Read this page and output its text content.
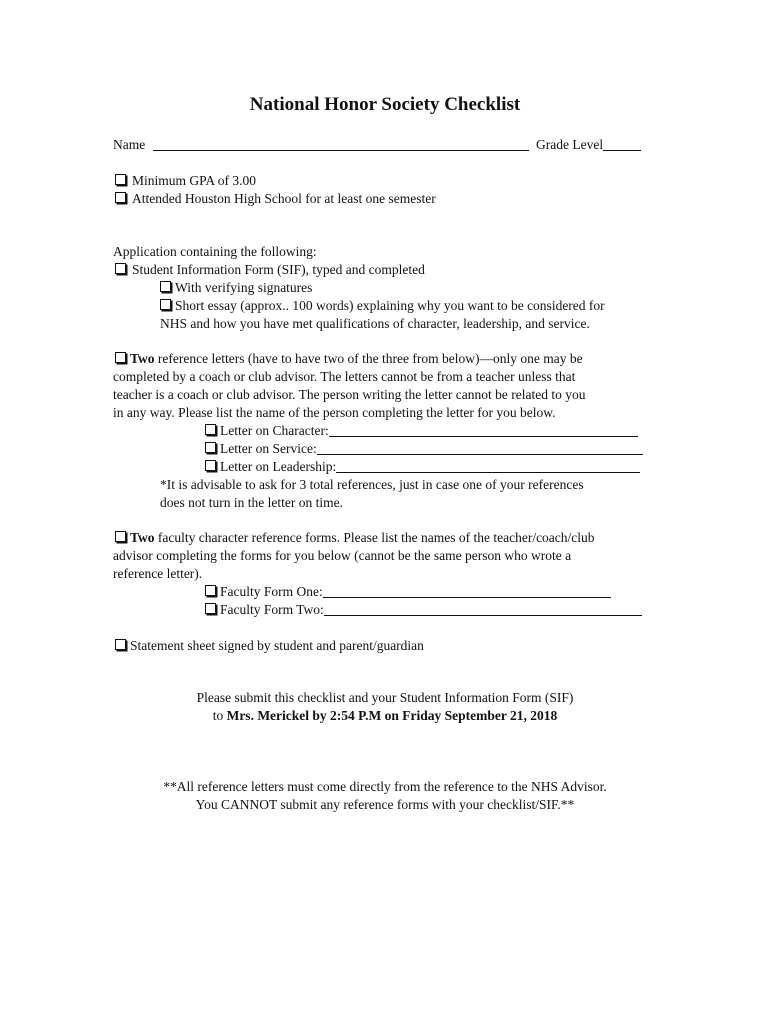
National Honor Society Checklist
Name	Grade Level
Minimum GPA of 3.00
Attended Houston High School for at least one semester
Application containing the following:
Student Information Form (SIF), typed and completed
With verifying signatures
Short essay (approx.. 100 words) explaining why you want to be considered for
NHS and how you have met qualifications of character, leadership, and service.
Two reference letters (have to have two of the three from below)—only one may be
completed by a coach or club advisor. The letters cannot be from a teacher unless that
teacher is a coach or club advisor. The person writing the letter cannot be related to you
in any way. Please list the name of the person completing the letter for you below.
Letter on Character:
Letter on Service:
Letter on Leadership:
*It is advisable to ask for 3 total references, just in case one of your references
does not turn in the letter on time.
Two faculty character reference forms. Please list the names of the teacher/coach/club
advisor completing the forms for you below (cannot be the same person who wrote a
reference letter).
Faculty Form One:
Faculty Form Two:
Statement sheet signed by student and parent/guardian
Please submit this checklist and your Student Information Form (SIF)
to Mrs. Merickel by 2:54 P.M on Friday September 21, 2018
**All reference letters must come directly from the reference to the NHS Advisor.
You CANNOT submit any reference forms with your checklist/SIF.**
